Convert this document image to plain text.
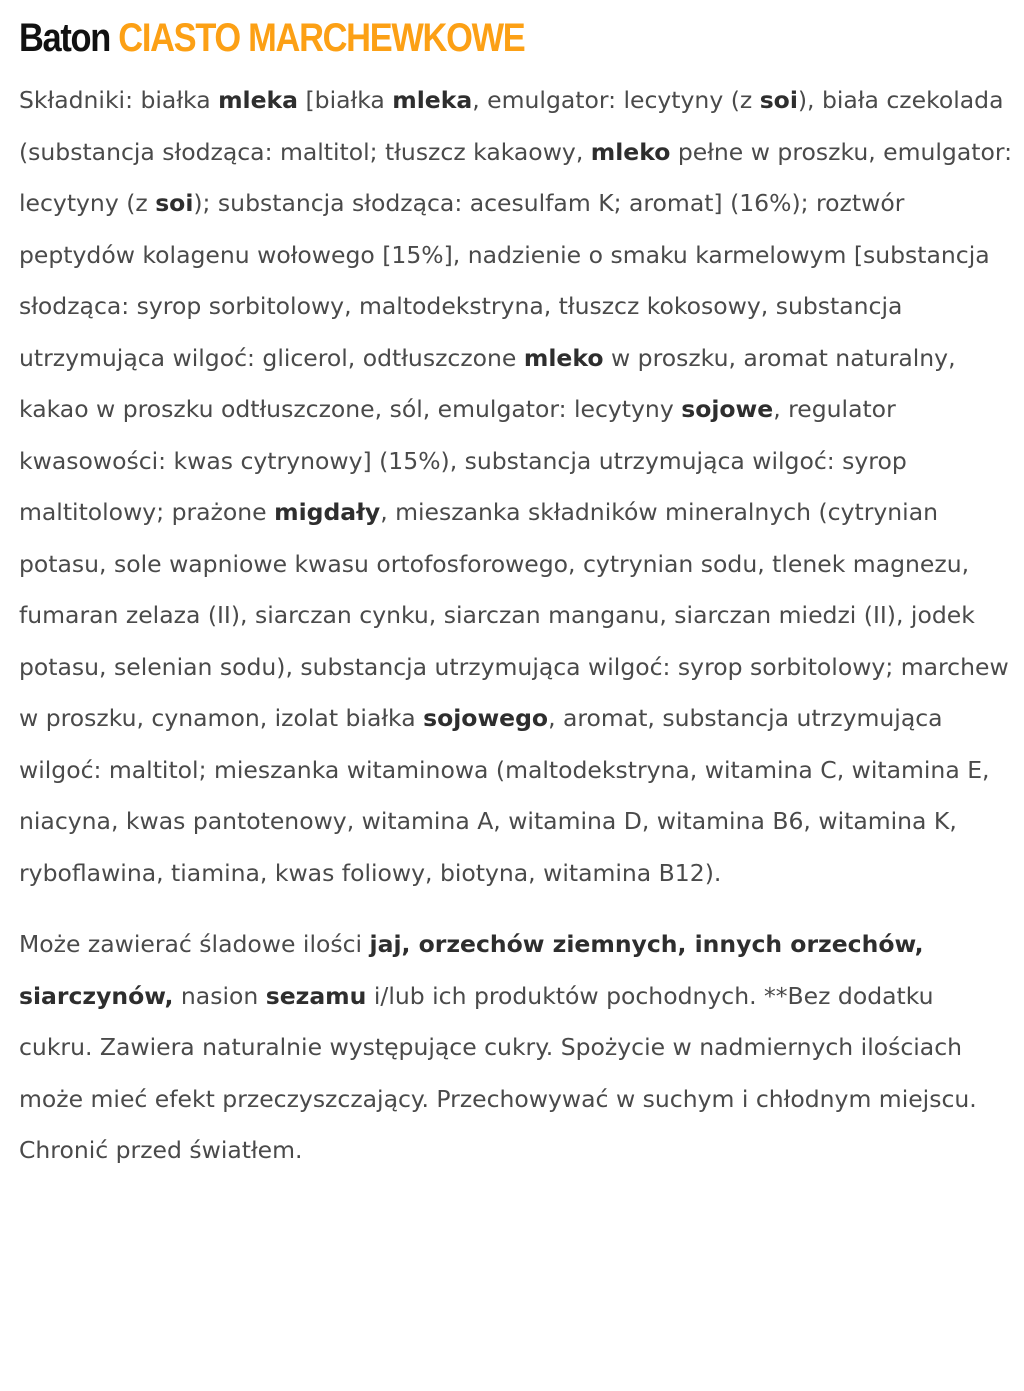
Baton CIASTO MARCHEWKOWE

Składniki: białka mleka [białka mleka, emulgator: lecytyny (z soi), biała czekolada (substancja słodząca: maltitol; tłuszcz kakaowy, mleko pełne w proszku, emulgator: lecytyny (z soi); substancja słodząca: acesulfam K; aromat] (16%); roztwór peptydów kolagenu wołowego [15%], nadzienie o smaku karmelowym [substancja słodząca: syrop sorbitolowy, maltodekstryna, tłuszcz kokosowy, substancja utrzymująca wilgoć: glicerol, odtłuszczone mleko w proszku, aromat naturalny, kakao w proszku odtłuszczone, sól, emulgator: lecytyny sojowe, regulator kwasowości: kwas cytrynowy] (15%), substancja utrzymująca wilgoć: syrop maltitolowy; prażone migdały, mieszanka składników mineralnych (cytrynian potasu, sole wapniowe kwasu ortofosforowego, cytrynian sodu, tlenek magnezu, fumaran zelaza (II), siarczan cynku, siarczan manganu, siarczan miedzi (II), jodek potasu, selenian sodu), substancja utrzymująca wilgoć: syrop sorbitolowy; marchew w proszku, cynamon, izolat białka sojowego, aromat, substancja utrzymująca wilgoć: maltitol; mieszanka witaminowa (maltodekstryna, witamina C, witamina E, niacyna, kwas pantotenowy, witamina A, witamina D, witamina B6, witamina K, ryboflawina, tiamina, kwas foliowy, biotyna, witamina B12).

Może zawierać śladowe ilości jaj, orzechów ziemnych, innych orzechów, siarczynów, nasion sezamu i/lub ich produktów pochodnych. **Bez dodatku cukru. Zawiera naturalnie występujące cukry. Spożycie w nadmiernych ilościach może mieć efekt przeczyszczający. Przechowywać w suchym i chłodnym miejscu. Chronić przed światłem.
